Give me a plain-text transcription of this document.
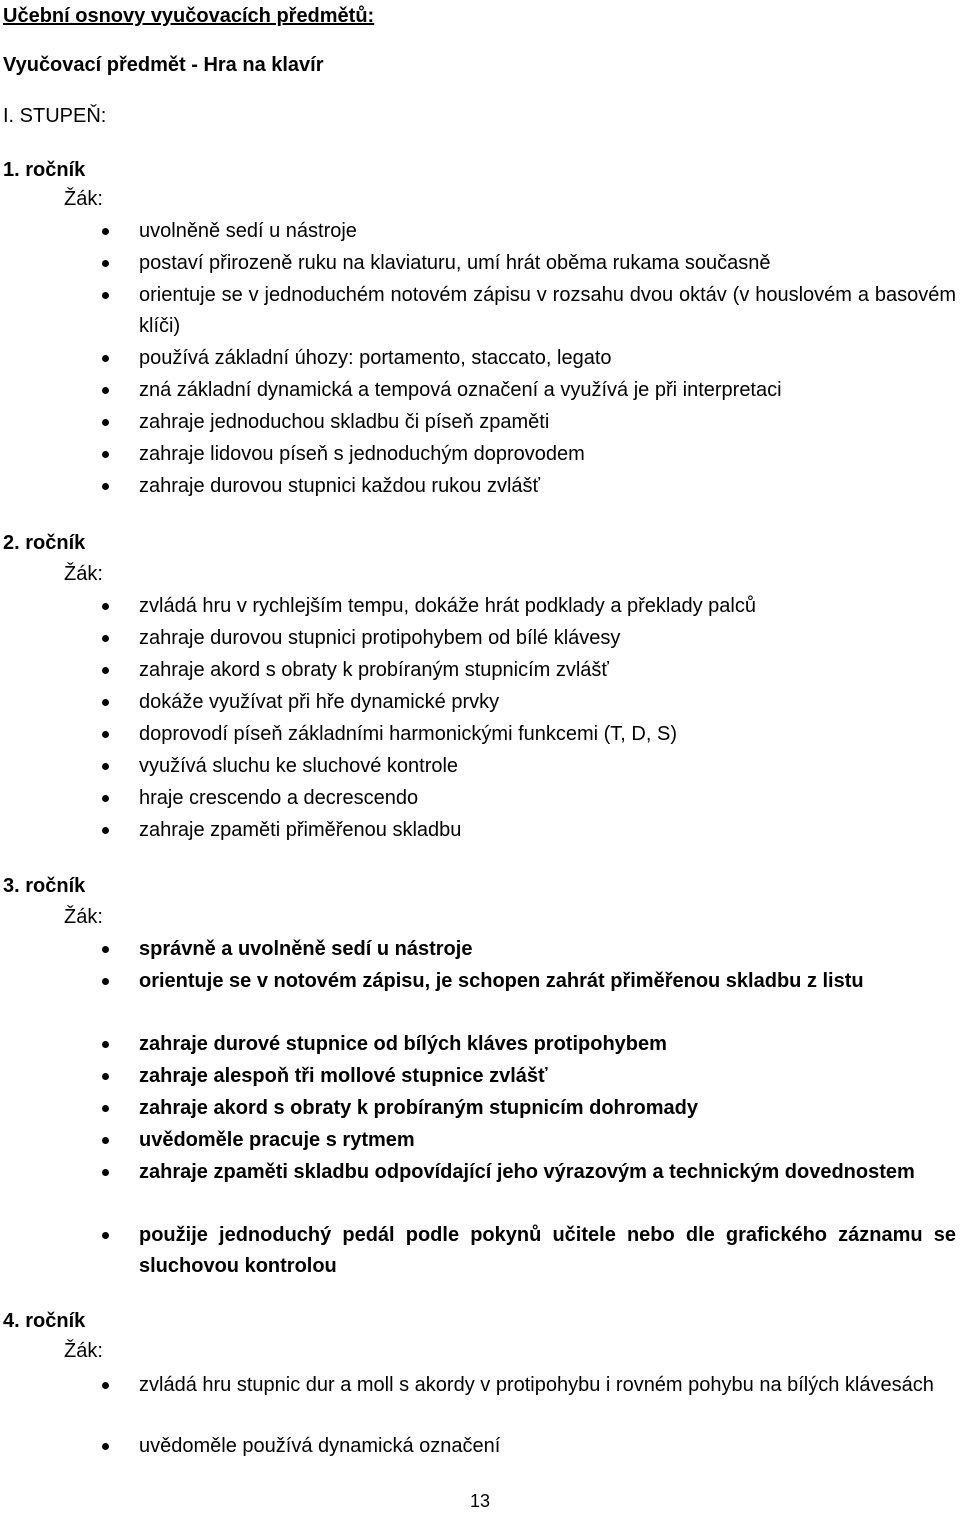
Učební osnovy vyučovacích předmětů:
Vyučovací předmět - Hra na klavír
I. STUPEŇ:
1. ročník
Žák:
uvolněně sedí u nástroje
postaví přirozeně ruku na klaviaturu, umí hrát oběma rukama současně
orientuje se v jednoduchém notovém zápisu v rozsahu dvou oktáv (v houslovém a basovém klíči)
používá základní úhozy: portamento, staccato, legato
zná základní dynamická a tempová označení a využívá je při interpretaci
zahraje jednoduchou skladbu či píseň zpaměti
zahraje lidovou píseň s jednoduchým doprovodem
zahraje durovou stupnici každou rukou zvlášť
2. ročník
Žák:
zvládá hru v rychlejším tempu, dokáže hrát podklady a překlady palců
zahraje durovou stupnici protipohybem od bílé klávesy
zahraje akord s obraty k probíraným stupnicím zvlášť
dokáže využívat při hře dynamické prvky
doprovodí píseň základními harmonickými funkcemi (T, D, S)
využívá sluchu ke sluchové kontrole
hraje crescendo a decrescendo
zahraje zpaměti přiměřenou skladbu
3. ročník
Žák:
správně a uvolněně sedí u nástroje
orientuje se v notovém zápisu, je schopen zahrát přiměřenou skladbu z listu
zahraje durové stupnice od bílých kláves protipohybem
zahraje alespoň tři mollové stupnice zvlášť
zahraje akord s obraty k probíraným stupnicím dohromady
uvědoměle pracuje s rytmem
zahraje zpaměti skladbu odpovídající jeho výrazovým a technickým dovednostem
použije jednoduchý pedál podle pokynů učitele nebo dle grafického záznamu se sluchovou kontrolou
4. ročník
Žák:
zvládá hru stupnic dur a moll s akordy v protipohybu i rovném pohybu na bílých klávesách
uvědoměle používá dynamická označení
13
